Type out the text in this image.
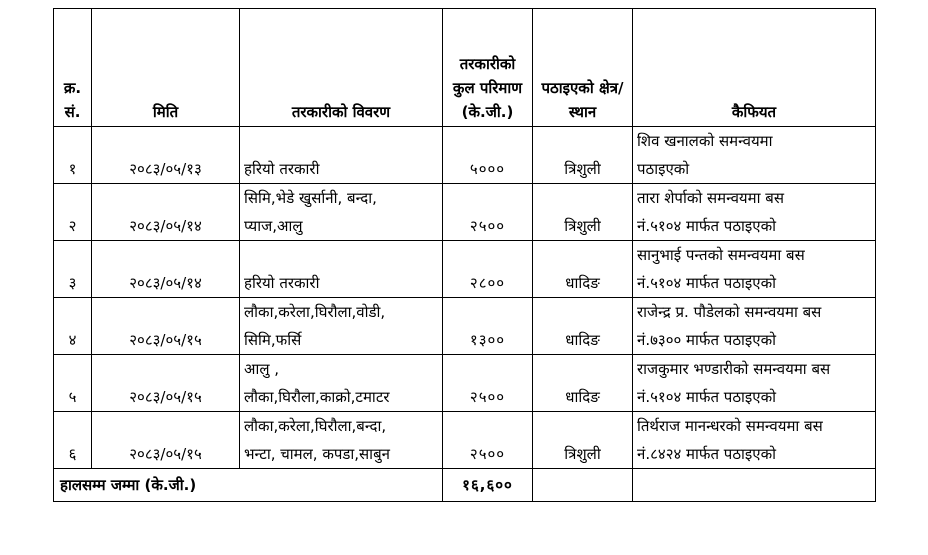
क्र. सं.	मिति	तरकारीको विवरण	तरकारीको कुल परिमाण (के.जी.)	पठाइएको क्षेत्र/ स्थान	कैफियत
१	२०८३/०५/१३	हरियो तरकारी	५०००	त्रिशुली	शिव खनालको समन्वयमा
पठाइएको

२	२०८३/०५/१४	सिमि,भेडे खुर्सानी, बन्दा,
प्याज,आलु	२५००	त्रिशुली	तारा शेर्पाको समन्वयमा बस
नं.५१०४ मार्फत पठाइएको

३	२०८३/०५/१४	हरियो तरकारी	२८००	धादिङ	सानुभाई पन्तको समन्वयमा बस
नं.५१०४ मार्फत पठाइएको

४	२०८३/०५/१५	लौका,करेला,घिरौला,वोडी,
सिमि,फर्सि	१३००	धादिङ	राजेन्द्र प्र. पौडेलको समन्वयमा बस
नं.७३०० मार्फत पठाइएको

५	२०८३/०५/१५	आलु ,
लौका,घिरौला,काक्रो,टमाटर	२५००	धादिङ	राजकुमार भण्डारीको समन्वयमा बस
नं.५१०४ मार्फत पठाइएको

६	२०८३/०५/१५	लौका,करेला,घिरौला,बन्दा,
भन्टा, चामल, कपडा,साबुन	२५००	त्रिशुली	तिर्थराज मानन्धरको समन्वयमा बस
नं.८४२४ मार्फत पठाइएको

हालसम्म जम्मा (के.जी.)			१६,६००		
